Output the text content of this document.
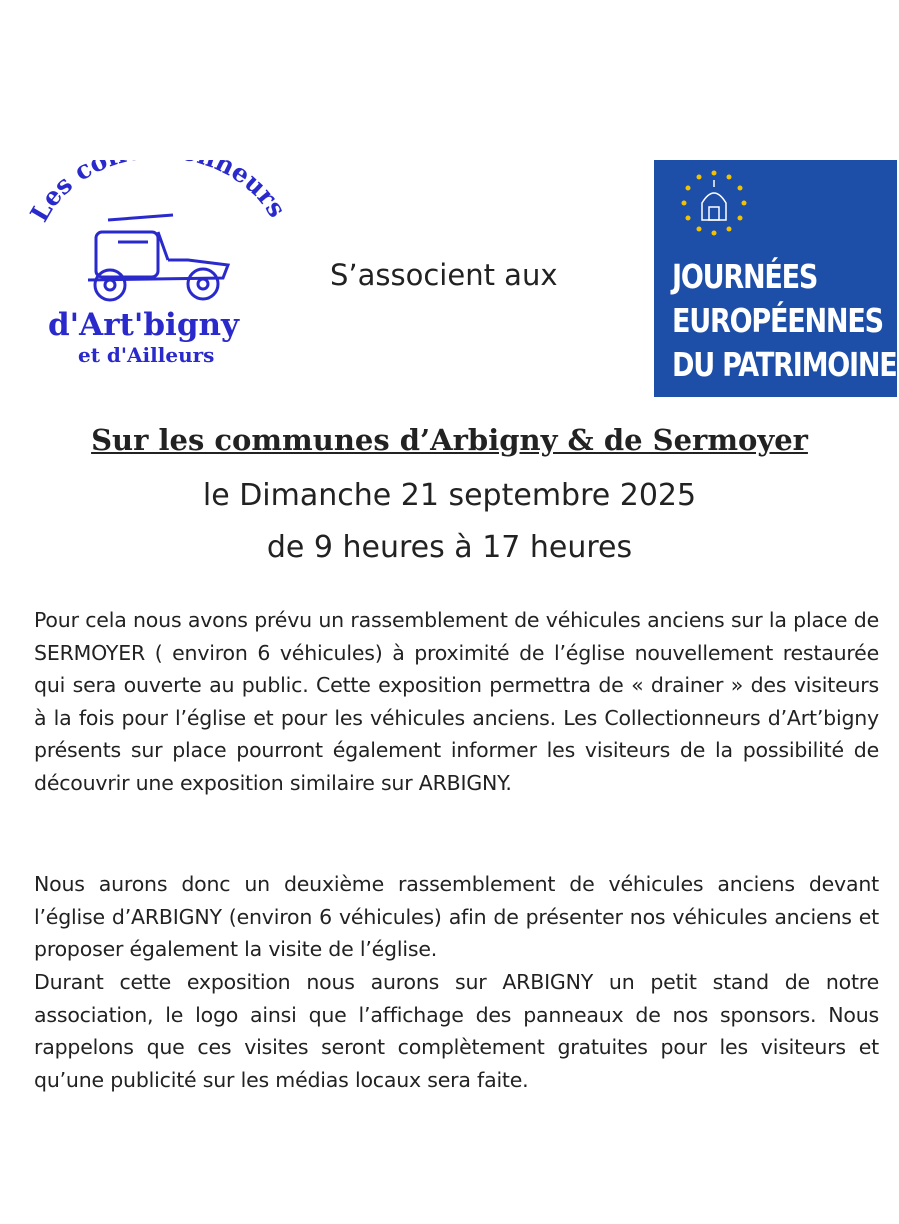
Les co neurs
d'Art'bigny
et d'Ailleurs
S’associent aux	JOURNÉES
EUROPÉENNES
DU PATRIMOINE
Sur les communes d’Arbigny & de Sermoyer
le Dimanche 21 septembre 2025
de 9 heures à 17 heures

Pour cela nous avons prévu un rassemblement de véhicules anciens sur la place de SERMOYER ( environ 6 véhicules) à proximité de l’église nouvellement restaurée qui sera ouverte au public. Cette exposition permettra de « drainer » des visiteurs à la fois pour l’église et pour les véhicules anciens. Les Collectionneurs d’Art’bigny présents sur place pourront également informer les visiteurs de la possibilité de découvrir une exposition similaire sur ARBIGNY.

Nous aurons donc un deuxième rassemblement de véhicules anciens devant l’église d’ARBIGNY (environ 6 véhicules) afin de présenter nos véhicules anciens et proposer également la visite de l’église.

Durant cette exposition nous aurons sur ARBIGNY un petit stand de notre association, le logo ainsi que l’affichage des panneaux de nos sponsors. Nous rappelons que ces visites seront complètement gratuites pour les visiteurs et qu’une publicité sur les médias locaux sera faite.
